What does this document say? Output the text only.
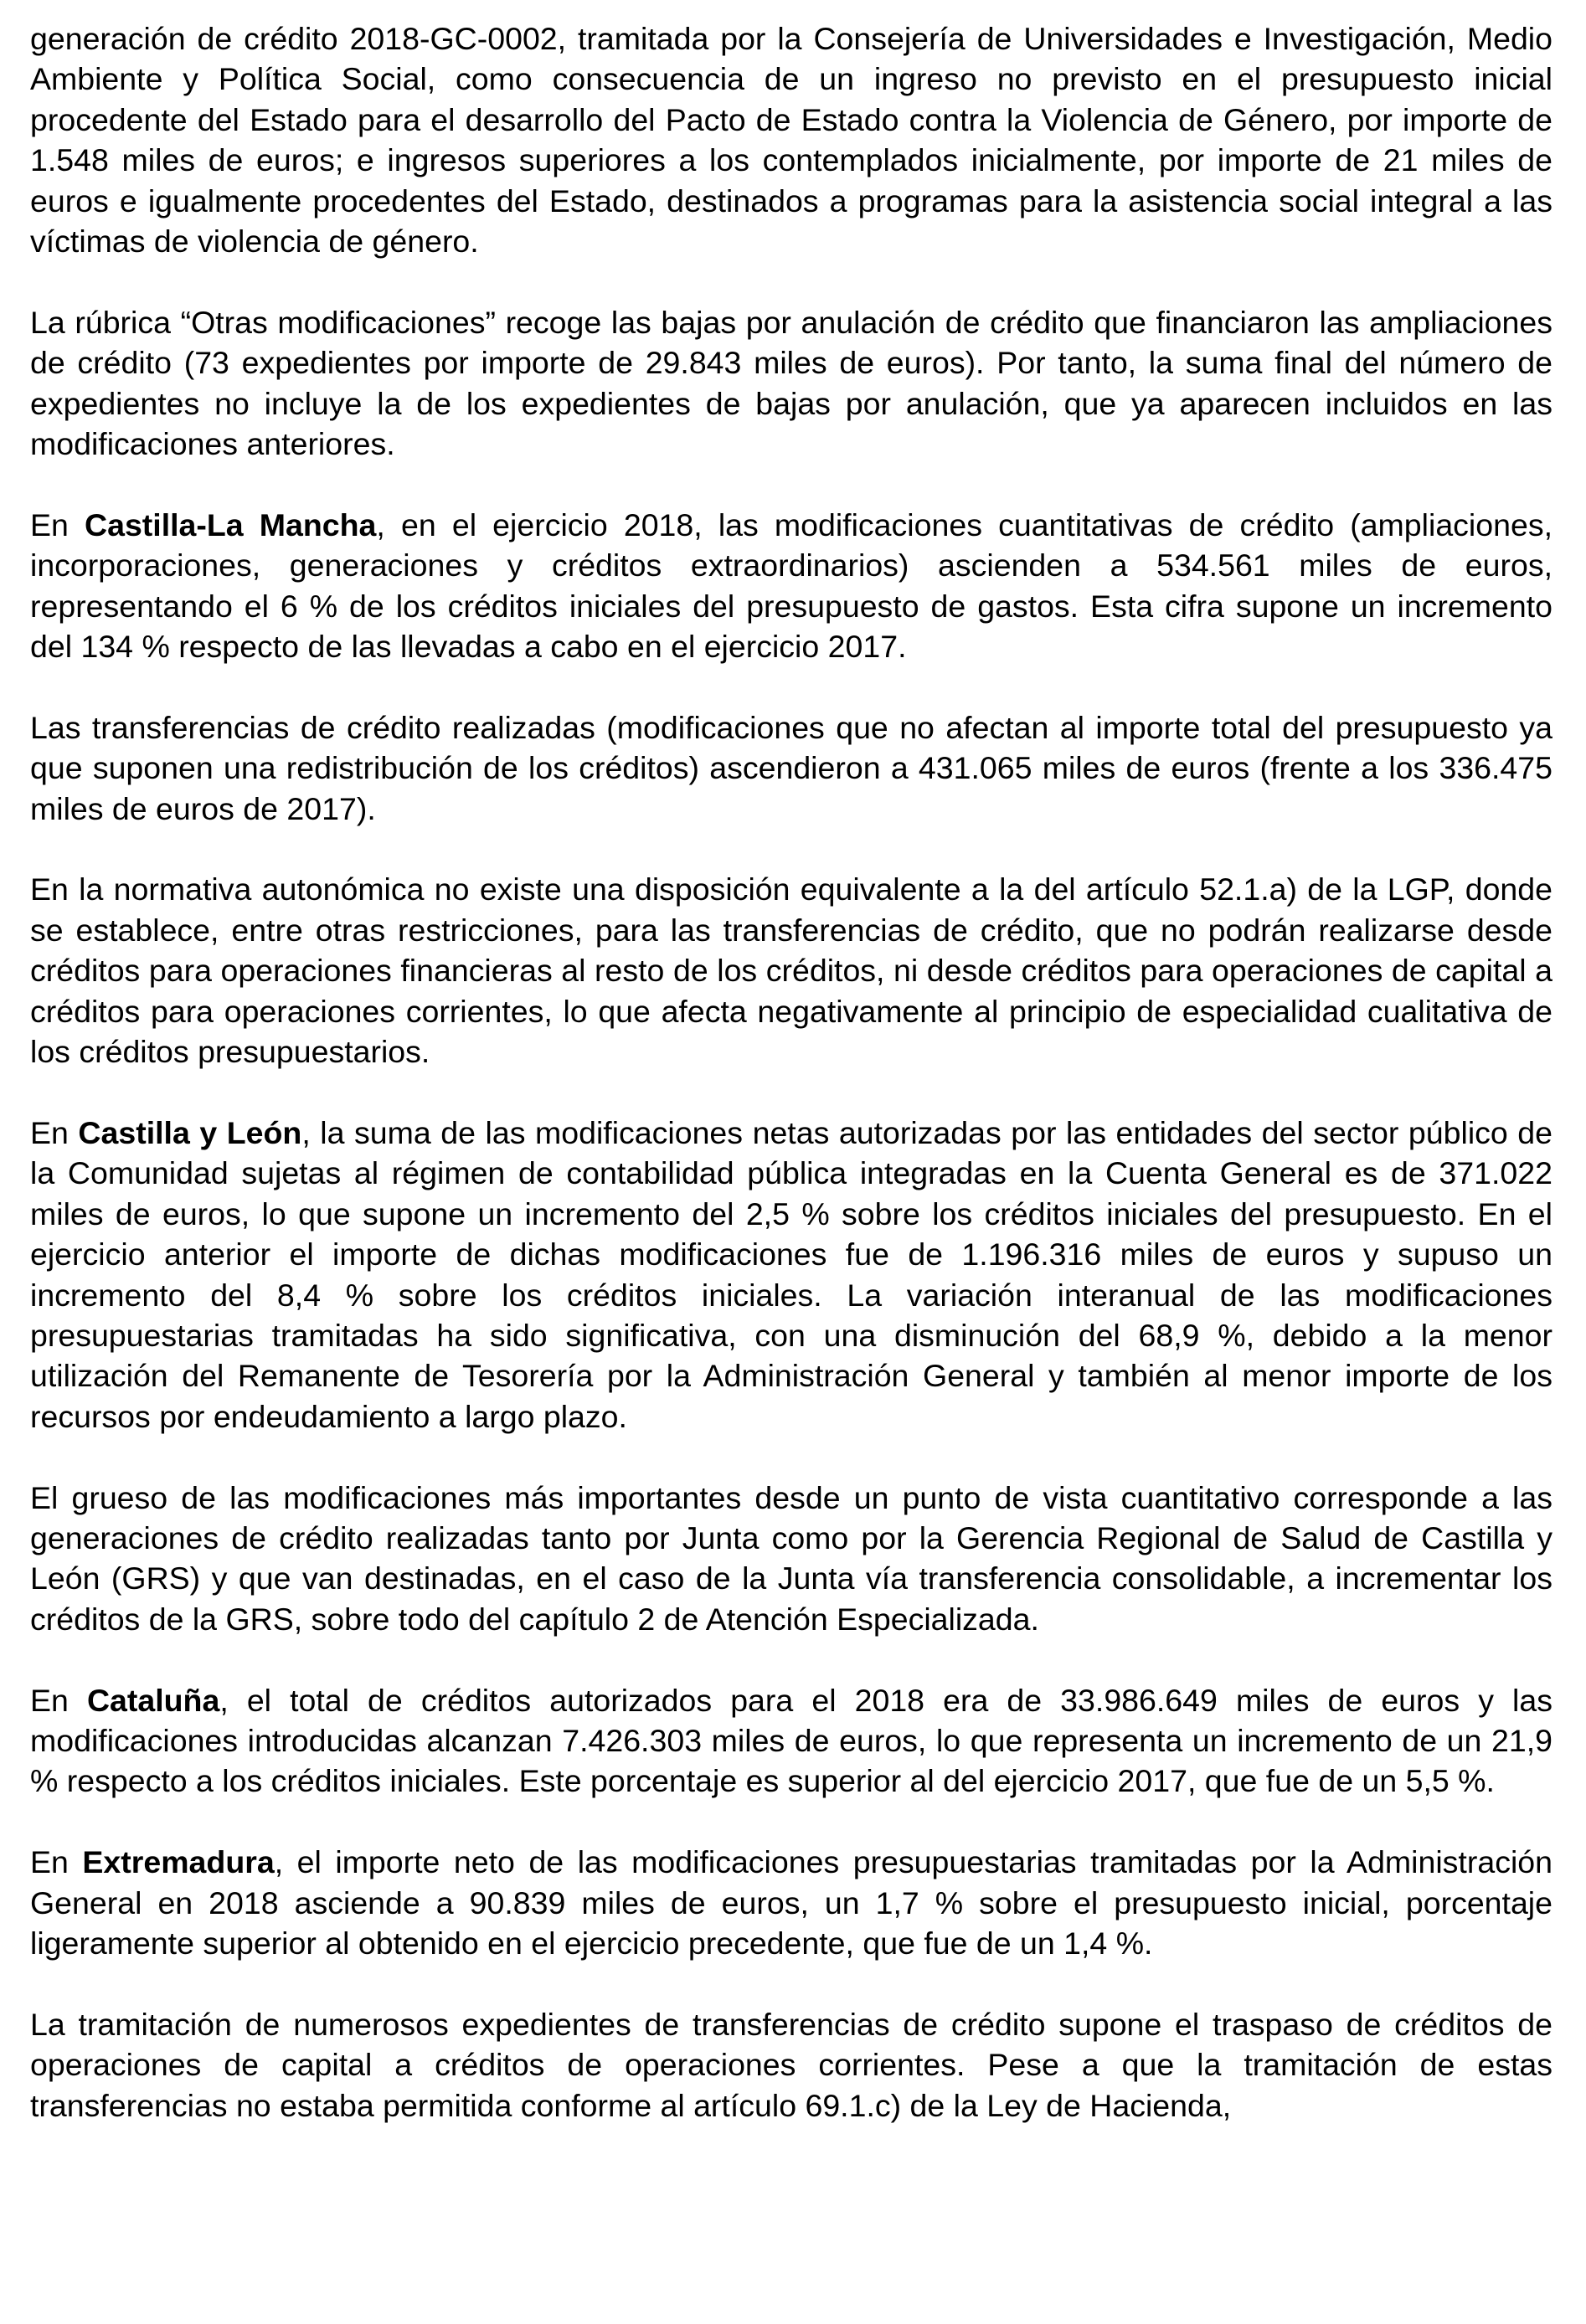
generación de crédito 2018-GC-0002, tramitada por la Consejería de Universidades e Investigación, Medio Ambiente y Política Social, como consecuencia de un ingreso no previsto en el presupuesto inicial procedente del Estado para el desarrollo del Pacto de Estado contra la Violencia de Género, por importe de 1.548 miles de euros; e ingresos superiores a los contemplados inicialmente, por importe de 21 miles de euros e igualmente procedentes del Estado, destinados a programas para la asistencia social integral a las víctimas de violencia de género.

La rúbrica “Otras modificaciones” recoge las bajas por anulación de crédito que financiaron las ampliaciones de crédito (73 expedientes por importe de 29.843 miles de euros). Por tanto, la suma final del número de expedientes no incluye la de los expedientes de bajas por anulación, que ya aparecen incluidos en las modificaciones anteriores.

En Castilla-La Mancha, en el ejercicio 2018, las modificaciones cuantitativas de crédito (ampliaciones, incorporaciones, generaciones y créditos extraordinarios) ascienden a 534.561 miles de euros, representando el 6 % de los créditos iniciales del presupuesto de gastos. Esta cifra supone un incremento del 134 % respecto de las llevadas a cabo en el ejercicio 2017.

Las transferencias de crédito realizadas (modificaciones que no afectan al importe total del presupuesto ya que suponen una redistribución de los créditos) ascendieron a 431.065 miles de euros (frente a los 336.475 miles de euros de 2017).

En la normativa autonómica no existe una disposición equivalente a la del artículo 52.1.a) de la LGP, donde se establece, entre otras restricciones, para las transferencias de crédito, que no podrán realizarse desde créditos para operaciones financieras al resto de los créditos, ni desde créditos para operaciones de capital a créditos para operaciones corrientes, lo que afecta negativamente al principio de especialidad cualitativa de los créditos presupuestarios.

En Castilla y León, la suma de las modificaciones netas autorizadas por las entidades del sector público de la Comunidad sujetas al régimen de contabilidad pública integradas en la Cuenta General es de 371.022 miles de euros, lo que supone un incremento del 2,5 % sobre los créditos iniciales del presupuesto. En el ejercicio anterior el importe de dichas modificaciones fue de 1.196.316 miles de euros y supuso un incremento del 8,4 % sobre los créditos iniciales. La variación interanual de las modificaciones presupuestarias tramitadas ha sido significativa, con una disminución del 68,9 %, debido a la menor utilización del Remanente de Tesorería por la Administración General y también al menor importe de los recursos por endeudamiento a largo plazo.

El grueso de las modificaciones más importantes desde un punto de vista cuantitativo corresponde a las generaciones de crédito realizadas tanto por Junta como por la Gerencia Regional de Salud de Castilla y León (GRS) y que van destinadas, en el caso de la Junta vía transferencia consolidable, a incrementar los créditos de la GRS, sobre todo del capítulo 2 de Atención Especializada.

En Cataluña, el total de créditos autorizados para el 2018 era de 33.986.649 miles de euros y las modificaciones introducidas alcanzan 7.426.303 miles de euros, lo que representa un incremento de un 21,9 % respecto a los créditos iniciales. Este porcentaje es superior al del ejercicio 2017, que fue de un 5,5 %.

En Extremadura, el importe neto de las modificaciones presupuestarias tramitadas por la Administración General en 2018 asciende a 90.839 miles de euros, un 1,7 % sobre el presupuesto inicial, porcentaje ligeramente superior al obtenido en el ejercicio precedente, que fue de un 1,4 %.

La tramitación de numerosos expedientes de transferencias de crédito supone el traspaso de créditos de operaciones de capital a créditos de operaciones corrientes. Pese a que la tramitación de estas transferencias no estaba permitida conforme al artículo 69.1.c) de la Ley de Hacienda,
